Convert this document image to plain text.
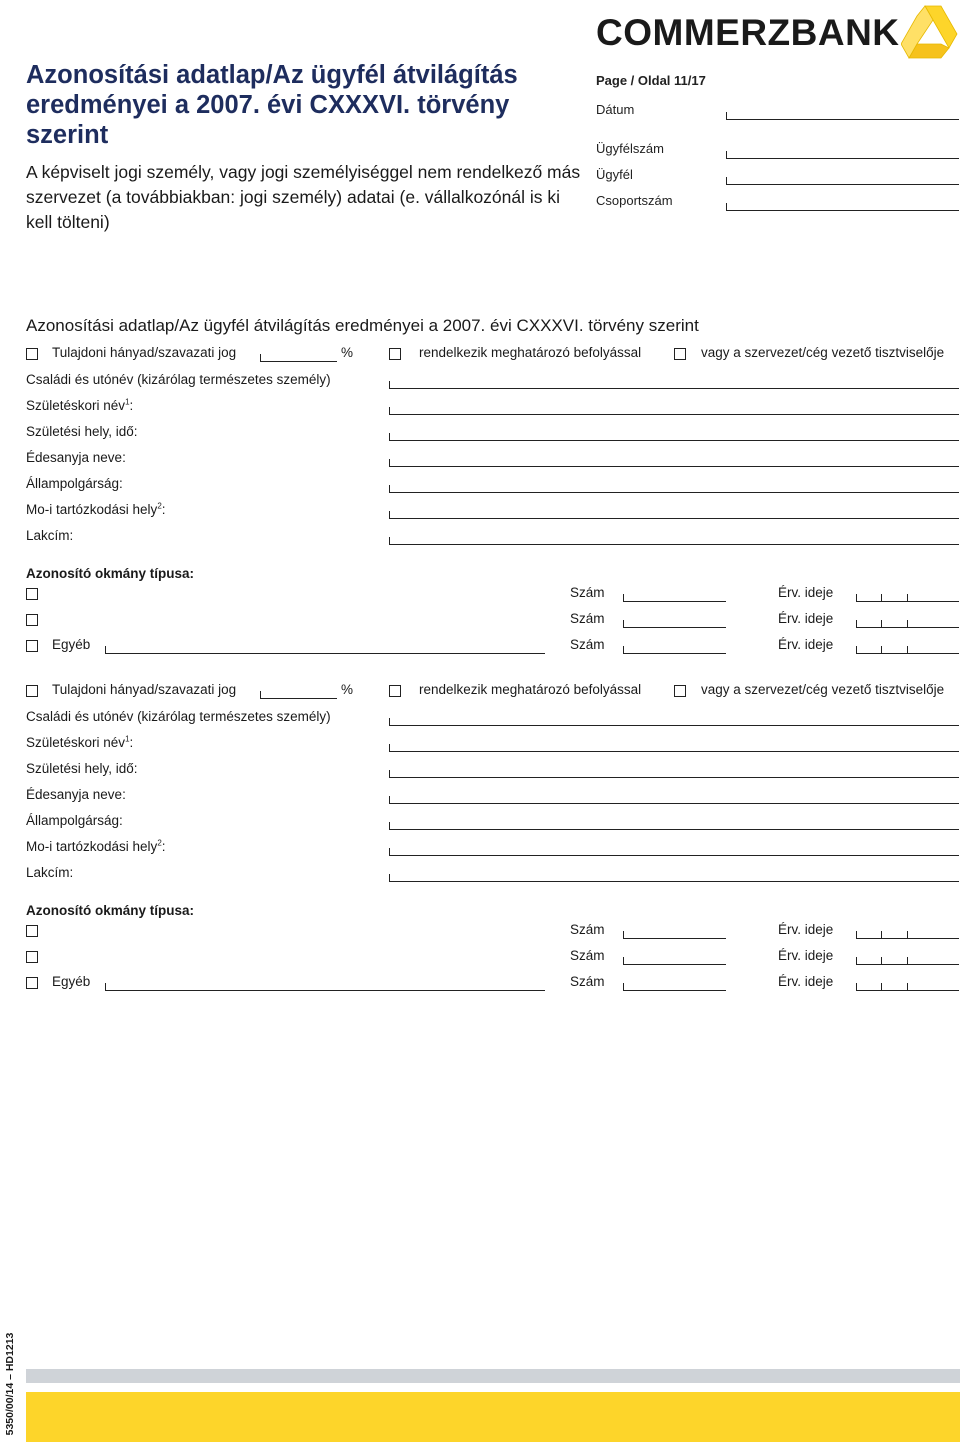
Azonosítási adatlap/Az ügyfél átvilágítás eredményei a 2007. évi CXXXVI. törvény szerint
A képviselt jogi személy, vagy jogi személyiséggel nem rendelkező más szervezet (a továbbiakban: jogi személy) adatai (e. vállalkozónál is ki kell tölteni)
COMMERZBANK
Page / Oldal 11/17
Dátum
Ügyfélszám
Ügyfél
Csoportszám
Azonosítási adatlap/Az ügyfél átvilágítás eredményei a 2007. évi CXXXVI. törvény szerint
Tulajdoni hányad/szavazati jog	%	rendelkezik meghatározó befolyással	vagy a szervezet/cég vezető tisztviselője
Családi és utónév (kizárólag természetes személy)
Születéskori név$^1$:
Születési hely, idő:
Édesanyja neve:
Állampolgárság:
Mo-i tartózkodási hely$^2$:
Lakcím:
Azonosító okmány típusa:
Szám	Érv. ideje
Szám	Érv. ideje
Egyéb	Szám	Érv. ideje
Tulajdoni hányad/szavazati jog	%	rendelkezik meghatározó befolyással	vagy a szervezet/cég vezető tisztviselője
Családi és utónév (kizárólag természetes személy)
Születéskori név$^1$:
Születési hely, idő:
Édesanyja neve:
Állampolgárság:
Mo-i tartózkodási hely$^2$:
Lakcím:
Azonosító okmány típusa:
Szám	Érv. ideje
Szám	Érv. ideje
Egyéb	Szám	Érv. ideje
5350/00/14 – HD1213
